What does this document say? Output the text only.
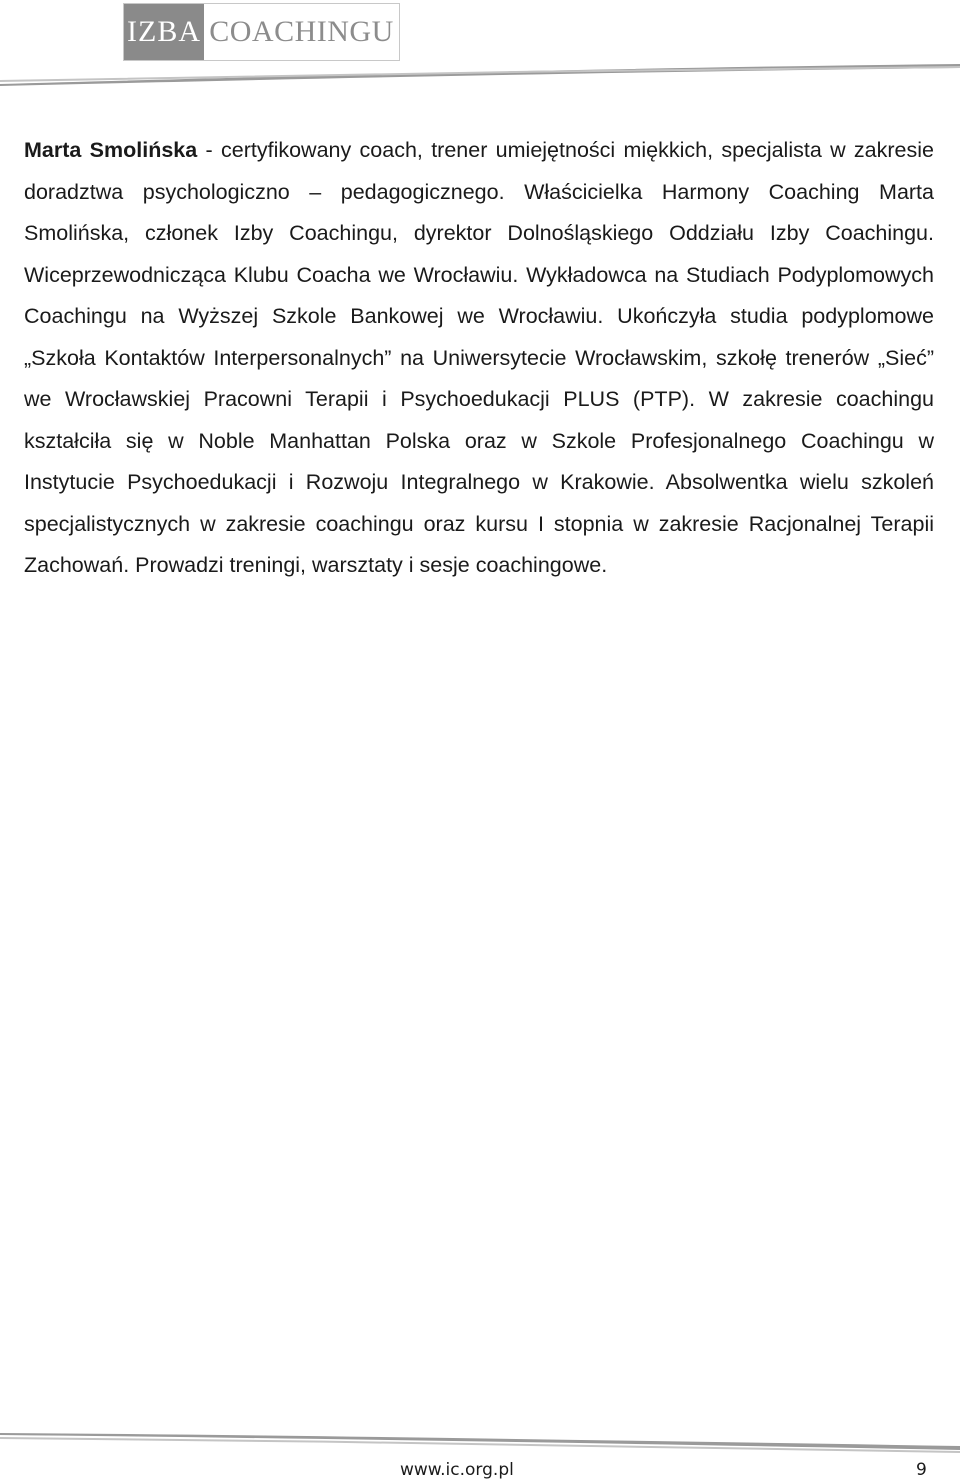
IZBA COACHINGU
Marta Smolińska - certyfikowany coach, trener umiejętności miękkich, specjalista w zakresie doradztwa psychologiczno – pedagogicznego. Właścicielka Harmony Coaching Marta Smolińska, członek Izby Coachingu, dyrektor Dolnośląskiego Oddziału Izby Coachingu. Wiceprzewodnicząca Klubu Coacha we Wrocławiu. Wykładowca na Studiach Podyplomowych Coachingu na Wyższej Szkole Bankowej we Wrocławiu. Ukończyła studia podyplomowe „Szkoła Kontaktów Interpersonalnych” na Uniwersytecie Wrocławskim, szkołę trenerów „Sieć” we Wrocławskiej Pracowni Terapii i Psychoedukacji PLUS (PTP). W zakresie coachingu kształciła się w Noble Manhattan Polska oraz w Szkole Profesjonalnego Coachingu w Instytucie Psychoedukacji i Rozwoju Integralnego w Krakowie. Absolwentka wielu szkoleń specjalistycznych w zakresie coachingu oraz kursu I stopnia w zakresie Racjonalnej Terapii Zachowań. Prowadzi treningi, warsztaty i sesje coachingowe.
www.ic.org.pl	9
